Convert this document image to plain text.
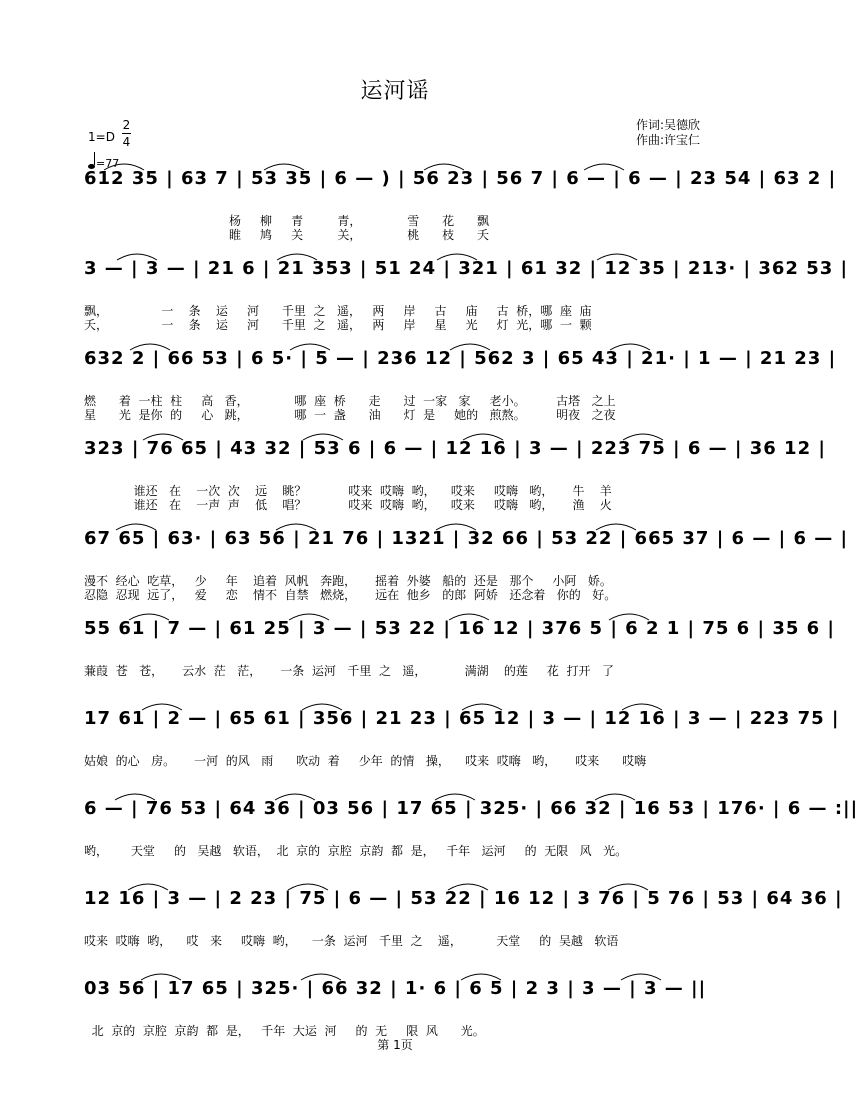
运河谣
作词:吴德欣
作曲:许宝仁
1=D
2
4
=77
612 35 | 63 7 | 53 35 | 6 — ) | 56 23 | 56 7 | 6 — | 6 — | 23 54 | 63 2 |
杨     柳     青         青，            雪      花      飘
睢     鸠     关         关，            桃      枝      夭
3 — | 3 — | 21 6 | 21 353 | 51 24 | 321 | 61 32 | 12 35 | 213· | 362 53 |
飘，              一    条    运     河      千里  之   遥，   两     岸     古     庙     古  桥，哪  座  庙
夭，              一    条    运     河      千里  之   遥，   两     岸     星     光     灯  光，哪  一  颗
632 2 | 66 53 | 6 5· | 5 — | 236 12 | 562 3 | 65 43 | 21· | 1 — | 21 23 |
燃      着  一柱  柱     高   香，            哪  座  桥      走      过  一家   家     老小。        古塔   之上
星      光  是你  的     心   跳，            哪  一  盏      油      灯  是     她的   煎熬。        明夜   之夜
323 | 76 65 | 43 32 | 53 6 | 6 — | 12 16 | 3 — | 223 75 | 6 — | 36 12 |
谁还   在    一次  次    远    眺？           哎来  哎嗨  哟，    哎来     哎嗨   哟，     牛    羊
谁还   在    一声  声    低    唱？           哎来  哎嗨  哟，    哎来     哎嗨   哟，     渔    火
67 65 | 63· | 63 56 | 21 76 | 1321 | 32 66 | 53 22 | 665 37 | 6 — | 6 — |
漫不  经心  吃草，   少     年    追着  风帆   奔跑，     摇着  外婆   船的  还是   那个     小阿   娇。
忍隐  忍现  远了，   爱     恋    情不  自禁   燃烧，     远在  他乡   的郎  阿娇   还念着   你的   好。
55 61 | 7 — | 61 25 | 3 — | 53 22 | 16 12 | 376 5 | 6 2 1 | 75 6 | 35 6 |
蒹葭  苍   苍，     云水  茫   茫，     一条  运河   千里  之   遥，          满湖    的莲     花  打开   了
17 61 | 2 — | 65 61 | 356 | 21 23 | 65 12 | 3 — | 12 16 | 3 — | 223 75 |
姑娘  的心   房。     一河  的风   雨      吹动  着     少年  的情   操，    哎来  哎嗨   哟，     哎来      哎嗨
6 — | 76 53 | 64 36 | 03 56 | 17 65 | 325· | 66 32 | 16 53 | 176· | 6 — :||
哟，      天堂     的   吴越   软语，  北  京的  京腔  京韵  都  是，   千年   运河     的  无限   风   光。
12 16 | 3 — | 2 23 | 75 | 6 — | 53 22 | 16 12 | 3 76 | 5 76 | 53 | 64 36 |
哎来  哎嗨  哟，    哎   来     哎嗨  哟，    一条  运河   千里  之    遥，         天堂     的  吴越   软语
03 56 | 17 65 | 325· | 66 32 | 1· 6 | 6 5 | 2 3 | 3 — | 3 — ||
北  京的  京腔  京韵  都  是，   千年  大运  河     的  无     限  风      光。
第 1页
